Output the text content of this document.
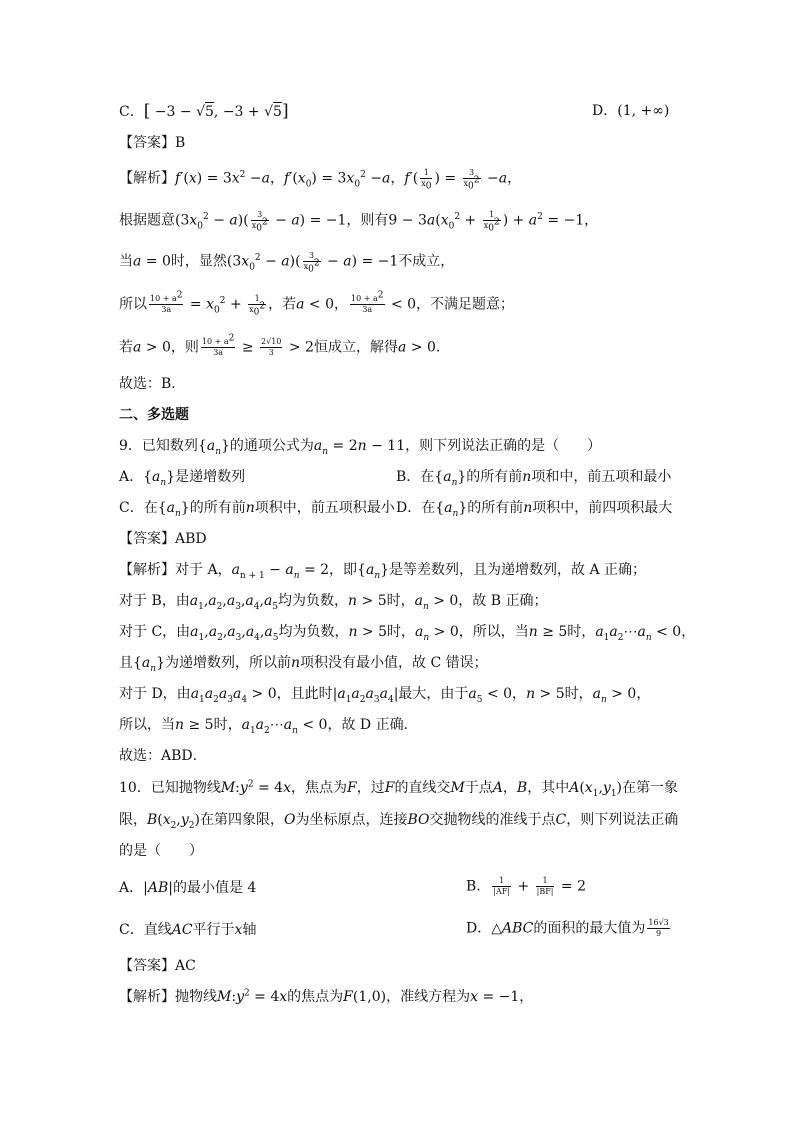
C．[ −3 − √5, −3 + √5]	D．(1, +∞)
【答案】B
【解析】$f'(x) = 3x^2 -a$，$f'(x_0) = 3x_0^2 -a$，$f'( \frac{1}{x_0}$ ) = $\frac{3}{x_0^2} -a$，
根据题意$(3x_0^2 - a)( \frac{3}{x_0^2} - a) = -1$，则有$9 - 3a(x_0^2 + \frac{1}{x_0^2}$ ) + $a^2 = -1$，
当a = 0时，显然$(3x_0^2 - a)( \frac{3}{x_0^2} - a) = -1$不成立，
所以 $\frac{10 + a^2}{3a} = x_0^2 + \frac{1}{x_0^2}$ ，若a < 0， $\frac{10 + a^2}{3a} < 0$，不满足题意；
若a > 0，则 $\frac{10 + a^2}{3a} \ge \frac{2√10}{3} > 2$恒成立，解得a > 0.
故选：B．
二、多选题
9．已知数列$\{a_n\}$的通项公式为$a_n = 2n - 11$，则下列说法正确的是（　　）
A．$\{a_n\}$是递增数列	B．在$\{a_n\}$的所有前n项和中，前五项和最小
C．在$\{a_n\}$的所有前n项积中，前五项积最小 D．在$\{a_n\}$的所有前n项积中，前四项积最大
【答案】ABD
【解析】对于 A，$a_{n + 1} - a_n = 2$，即$\{a_n\}$是等差数列，且为递增数列，故 A 正确；
对于 B，由$a_1,a_2,a_3,a_4,a_5$均为负数，n > 5时，$a_n > 0$，故 B 正确；
对于 C，由$a_1,a_2,a_3,a_4,a_5$均为负数，n > 5时，$a_n > 0$，所以，当n ≥ 5时，$a_1a_2\cdots a_n < 0$，
且$\{a_n\}$为递增数列，所以前n项积没有最小值，故 C 错误；
对于 D，由$a_1a_2a_3a_4 > 0$，且此时$|a_1a_2a_3a_4|$最大，由于$a_5 < 0$，n > 5时，$a_n > 0$，
所以，当n ≥ 5时，$a_1a_2\cdots a_n < 0$，故 D 正确.
故选：ABD．
10．已知抛物线$M:y^2 = 4x$，焦点为F，过F的直线交M于点A，B，其中$A(x_1,y_1)$在第一象
限，$B(x_2,y_2)$在第四象限，O为坐标原点，连接BO交抛物线的准线于点C，则下列说法正确
的是（　　）
A．|AB|的最小值是 4	B． $\frac{1}{|AF|} + \frac{1}{|BF|} = 2$
C．直线AC平行于x轴	D．△ABC的面积的最大值为 $\frac{16√3}{9}$
【答案】AC
【解析】抛物线$M:y^2 = 4x$的焦点为F(1,0)，准线方程为x = −1，
